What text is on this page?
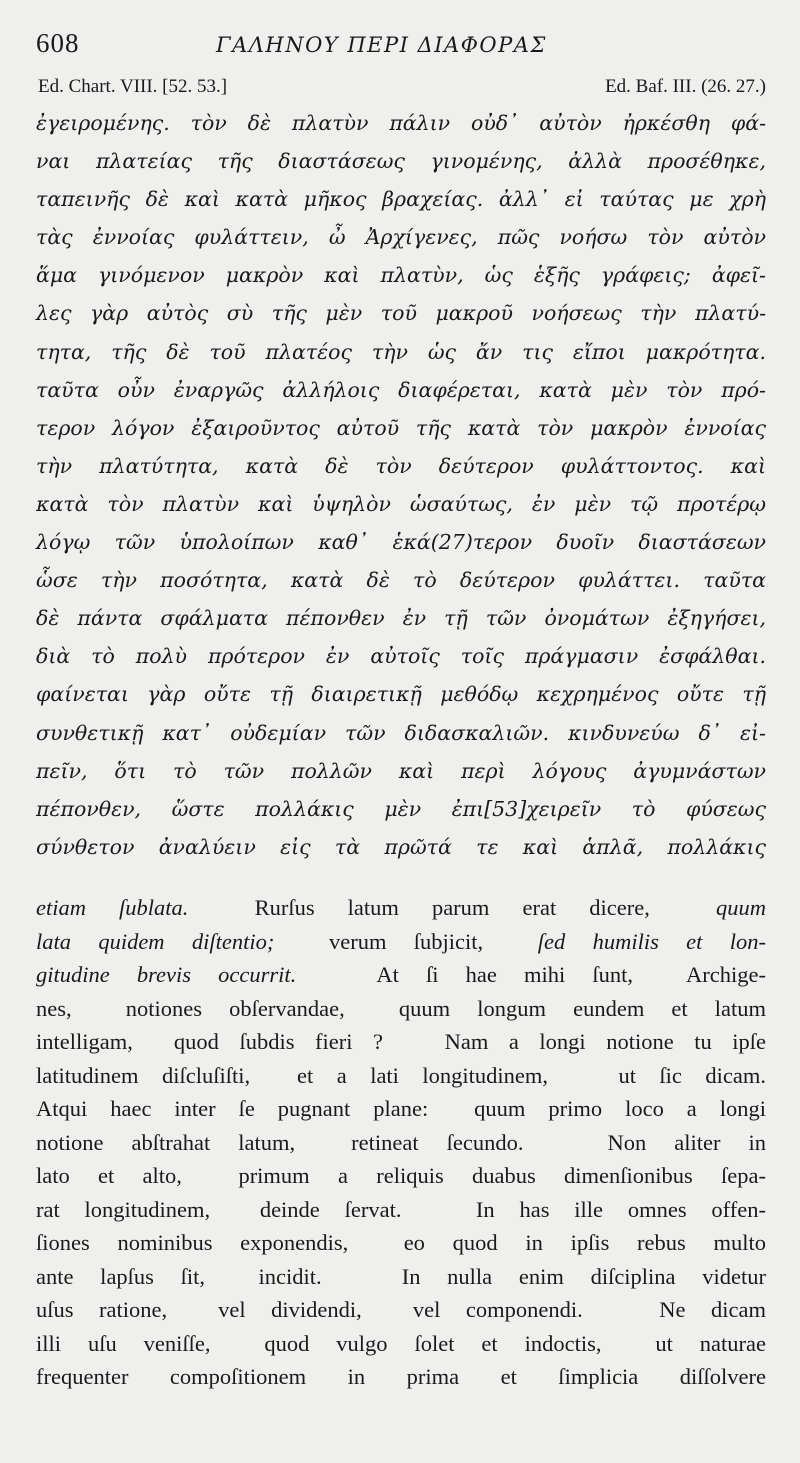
608	ΓΑΛΗΝΟΥ ΠΕΡΙ ΔΙΑΦΟΡΑΣ
Ed. Chart. VIII. [52. 53.]	Ed. Baf. III. (26. 27.)
ἐγειρομένης. τὸν δὲ πλατὺν πάλιν οὐδ᾽ αὐτὸν ἠρκέσθη φά-
ναι πλατείας τῆς διαστάσεως γινομένης, ἀλλὰ προσέθηκε,
ταπεινῆς δὲ καὶ κατὰ μῆκος βραχείας. ἀλλ᾽ εἰ ταύτας με χρὴ
τὰς ἐννοίας φυλάττειν, ὦ Ἀρχίγενες, πῶς νοήσω τὸν αὐτὸν
ἅμα γινόμενον μακρὸν καὶ πλατὺν, ὡς ἑξῆς γράφεις; ἀφεῖ-
λες γὰρ αὐτὸς σὺ τῆς μὲν τοῦ μακροῦ νοήσεως τὴν πλατύ-
τητα, τῆς δὲ τοῦ πλατέος τὴν ὡς ἄν τις εἴποι μακρότητα.
ταῦτα οὖν ἐναργῶς ἀλλήλοις διαφέρεται, κατὰ μὲν τὸν πρό-
τερον λόγον ἐξαιροῦντος αὐτοῦ τῆς κατὰ τὸν μακρὸν ἐννοίας
τὴν πλατύτητα, κατὰ δὲ τὸν δεύτερον φυλάττοντος. καὶ
κατὰ τὸν πλατὺν καὶ ὑψηλὸν ὡσαύτως, ἐν μὲν τῷ προτέρῳ
λόγῳ τῶν ὑπολοίπων καθ᾽ ἑκά(27)τερον δυοῖν διαστάσεων
ὧσε τὴν ποσότητα, κατὰ δὲ τὸ δεύτερον φυλάττει. ταῦτα
δὲ πάντα σφάλματα πέπονθεν ἐν τῇ τῶν ὀνομάτων ἐξηγήσει,
διὰ τὸ πολὺ πρότερον ἐν αὐτοῖς τοῖς πράγμασιν ἐσφάλθαι.
φαίνεται γὰρ οὔτε τῇ διαιρετικῇ μεθόδῳ κεχρημένος οὔτε τῇ
συνθετικῇ κατ᾽ οὐδεμίαν τῶν διδασκαλιῶν. κινδυνεύω δ᾽ εἰ-
πεῖν, ὅτι τὸ τῶν πολλῶν καὶ περὶ λόγους ἀγυμνάστων
πέπονθεν, ὥστε πολλάκις μὲν ἐπι[53]χειρεῖν τὸ φύσεως
σύνθετον ἀναλύειν εἰς τὰ πρῶτά τε καὶ ἁπλᾶ, πολλάκις
etiam ſublata.  Rurſus latum parum erat dicere,  quum
lata quidem diſtentio;  verum ſubjicit,  ſed humilis et lon-
gitudine brevis occurrit.   At ſi hae mihi ſunt,  Archige-
nes,  notiones obſervandae,  quum longum eundem et latum
intelligam,  quod ſubdis fieri ?   Nam a longi notione tu ipſe
latitudinem diſcluſiſti,  et a lati longitudinem,   ut ſic dicam.
Atqui haec inter ſe pugnant plane:  quum primo loco a longi
notione abſtrahat latum,  retineat ſecundo.   Non aliter in
lato et alto,  primum a reliquis duabus dimenſionibus ſepa-
rat longitudinem,  deinde ſervat.   In has ille omnes offen-
ſiones nominibus exponendis,  eo quod in ipſis rebus multo
ante lapſus ſit,  incidit.   In nulla enim diſciplina videtur
uſus ratione,  vel dividendi,  vel componendi.   Ne dicam
illi uſu veniſſe,  quod vulgo ſolet et indoctis,  ut naturae
frequenter compoſitionem in prima et ſimplicia diſſolvere
